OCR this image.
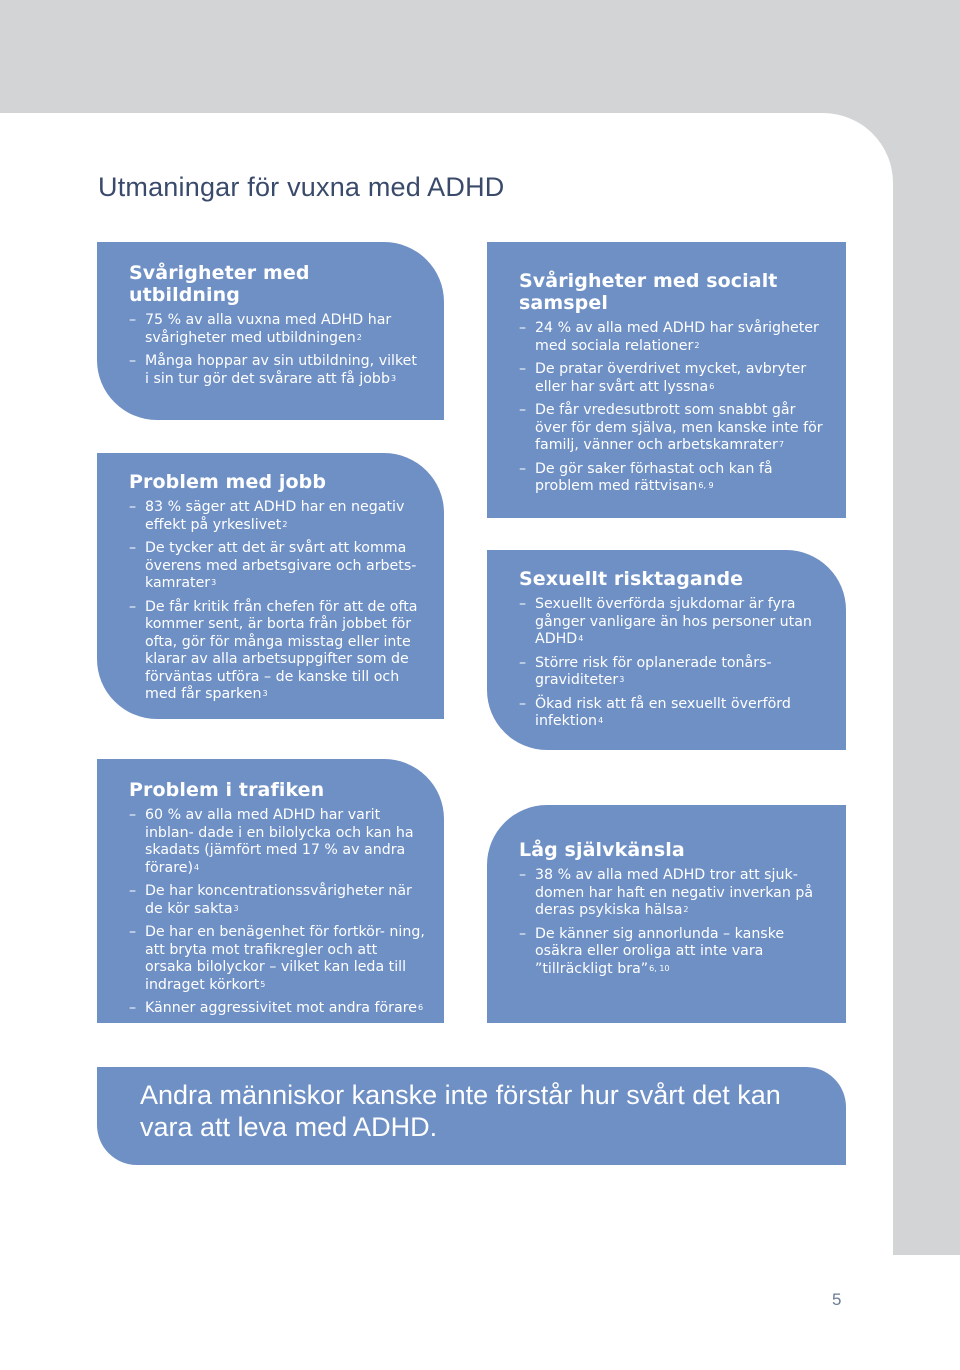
Utmaningar för vuxna med ADHD
Svårigheter med utbildning
– 75 % av alla vuxna med ADHD har svårigheter med utbildningen$^2$
– Många hoppar av sin utbildning, vilket i sin tur gör det svårare att få jobb$^3$
Problem med jobb
– 83 % säger att ADHD har en negativ effekt på yrkeslivet$^2$
– De tycker att det är svårt att komma överens med arbetsgivare och arbets- kamrater$^3$
– De får kritik från chefen för att de ofta kommer sent, är borta från jobbet för ofta, gör för många misstag eller inte klarar av alla arbetsuppgifter som de förväntas utföra – de kanske till och med får sparken$^3$
Svårigheter med socialt samspel
– 24 % av alla med ADHD har svårigheter med sociala relationer$^2$
– De pratar överdrivet mycket, avbryter eller har svårt att lyssna$^6$
– De får vredesutbrott som snabbt går över för dem själva, men kanske inte för familj, vänner och arbetskamrater$^7$
– De gör saker förhastat och kan få problem med rättvisan$^{6, 9}$
Sexuellt risktagande
– Sexuellt överförda sjukdomar är fyra gånger vanligare än hos personer utan ADHD$^4$
– Större risk för oplanerade tonårs- graviditeter$^3$
– Ökad risk att få en sexuellt överförd infektion$^4$
Problem i trafiken
– 60 % av alla med ADHD har varit inblan- dade i en bilolycka och kan ha skadats (jämfört med 17 % av andra förare)$^4$
– De har koncentrationssvårigheter när de kör sakta$^3$
– De har en benägenhet för fortkör- ning, att bryta mot trafikregler och att orsaka bilolyckor – vilket kan leda till indraget körkort$^5$
– Känner aggressivitet mot andra förare$^6$
Låg självkänsla
– 38 % av alla med ADHD tror att sjuk- domen har haft en negativ inverkan på deras psykiska hälsa$^2$
– De känner sig annorlunda – kanske osäkra eller oroliga att inte vara ”tillräckligt bra”$^{6, 10}$

Andra människor kanske inte förstår hur svårt det kan vara att leva med ADHD.

5
